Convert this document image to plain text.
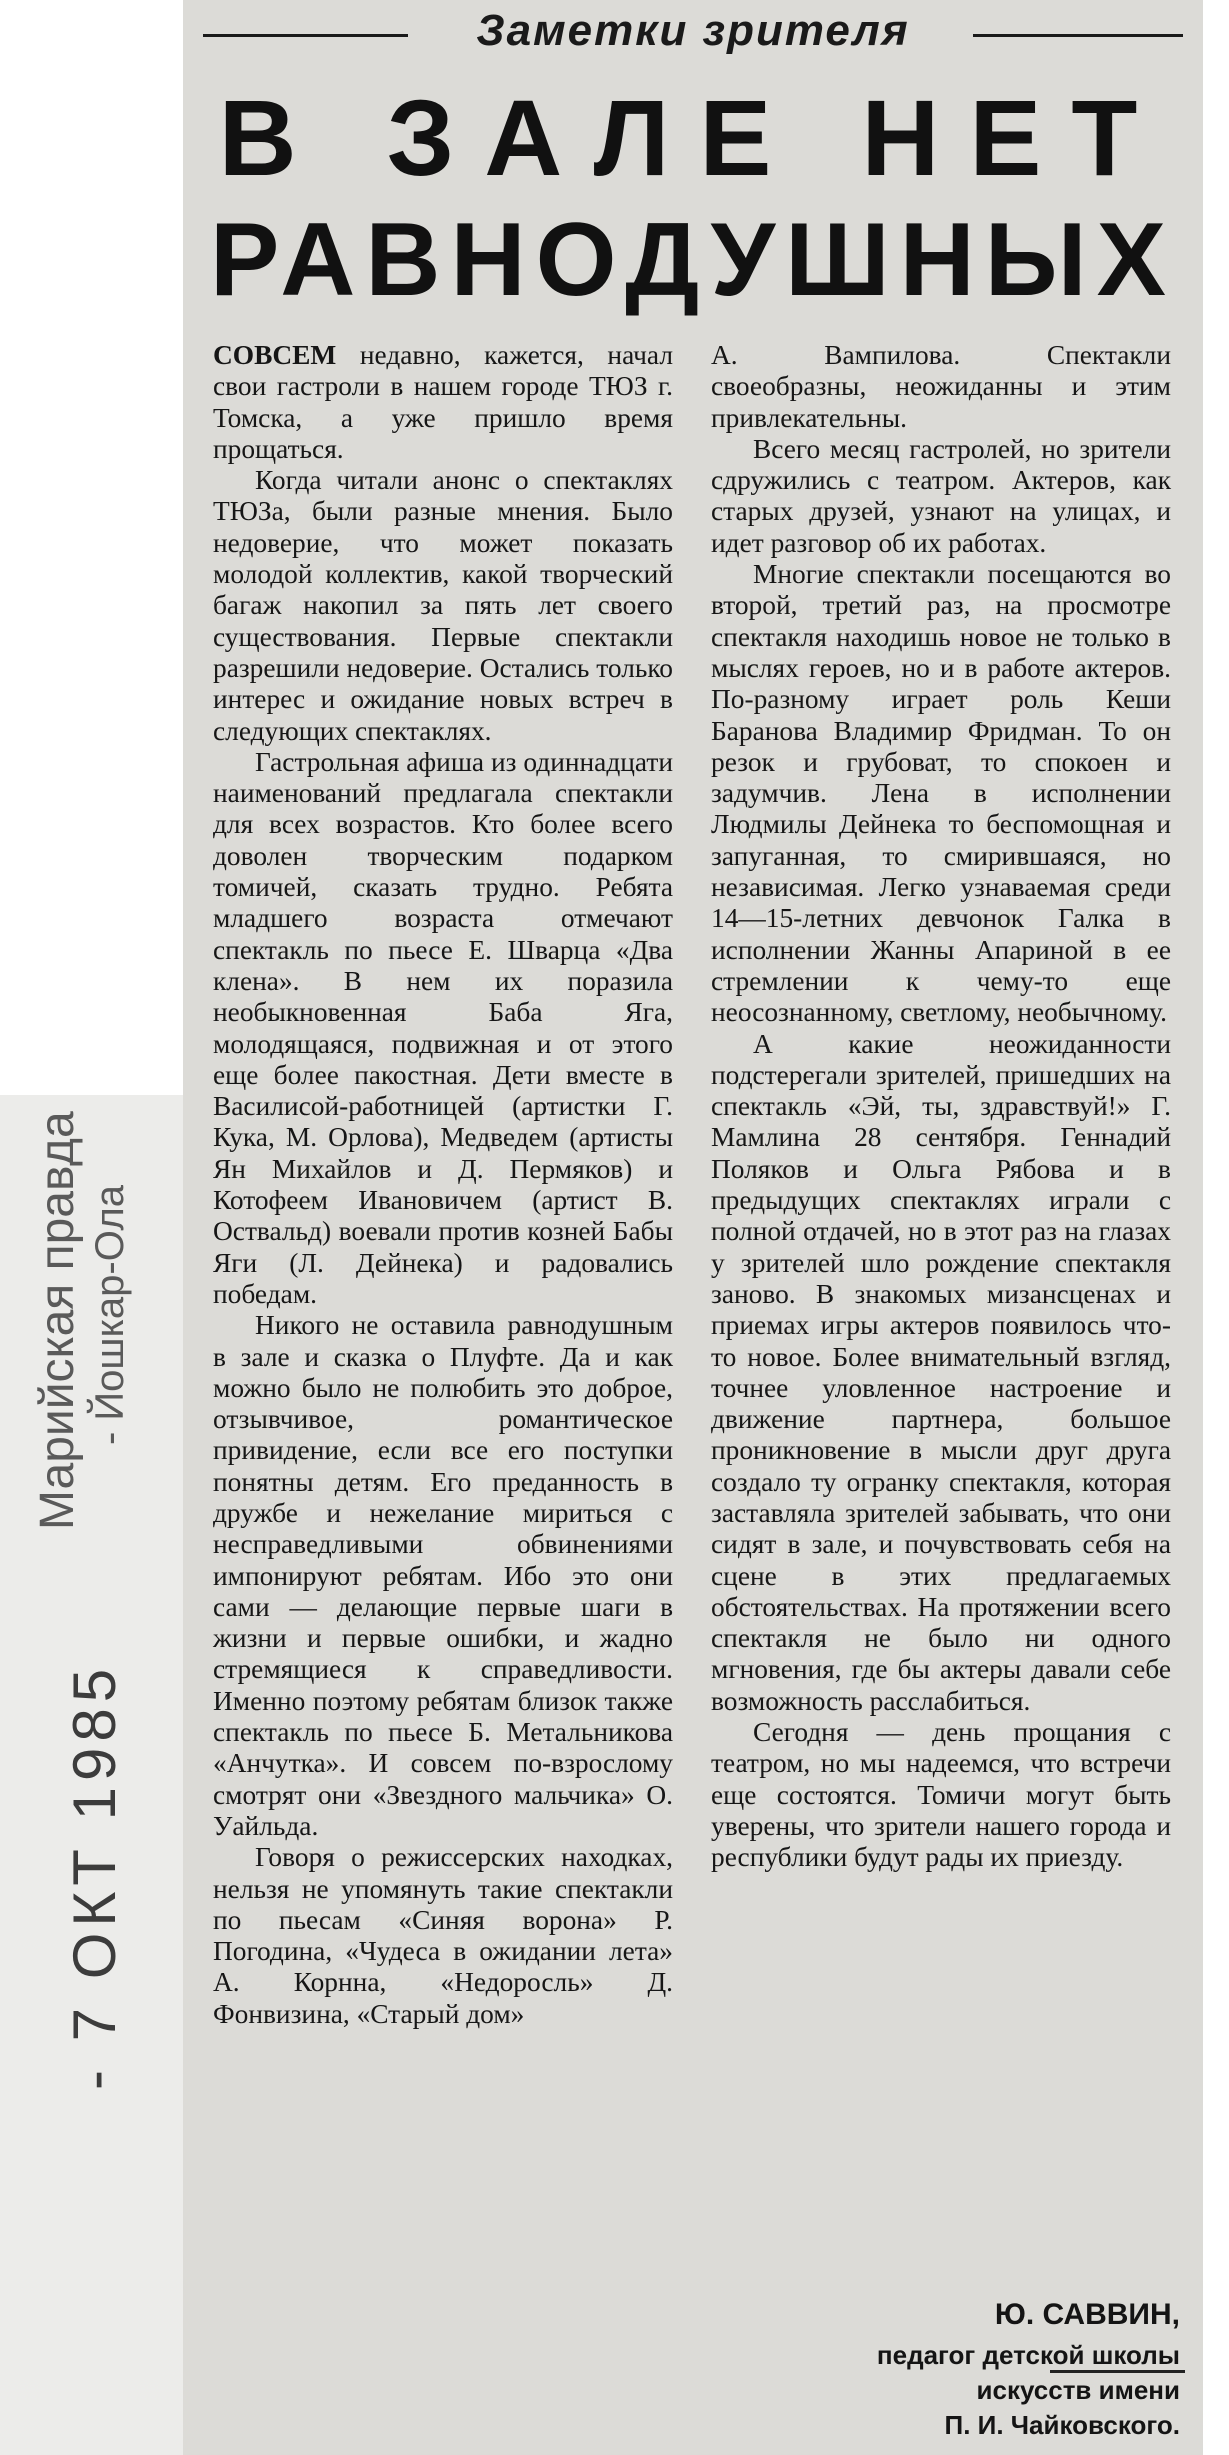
Марийская правда - Йошкар-Ола
- 7 ОКТ 1985
Заметки зрителя
В ЗАЛЕ НЕТ
РАВНОДУШНЫХ

СОВСЕМ недавно, кажется, начал свои гастроли в нашем городе ТЮЗ г. Томска, а уже пришло время прощаться.

Когда читали анонс о спектаклях ТЮЗа, были разные мнения. Было недоверие, что может показать молодой коллектив, какой творческий багаж накопил за пять лет своего существования. Первые спектакли разрешили недоверие. Остались только интерес и ожидание новых встреч в следующих спектаклях.

Гастрольная афиша из одиннадцати наименований предлагала спектакли для всех возрастов. Кто более всего доволен творческим подарком томичей, сказать трудно. Ребята младшего возраста отмечают спектакль по пьесе Е. Шварца «Два клена». В нем их поразила необыкновенная Баба Яга, молодящаяся, подвижная и от этого еще более пакостная. Дети вместе в Василисой-работницей (артистки Г. Кука, М. Орлова), Медведем (артисты Ян Михайлов и Д. Пермяков) и Котофеем Ивановичем (артист В. Оствальд) воевали против козней Бабы Яги (Л. Дейнека) и радовались победам.

Никого не оставила равнодушным в зале и сказка о Плуфте. Да и как можно было не полюбить это доброе, отзывчивое, романтическое привидение, если все его поступки понятны детям. Его преданность в дружбе и нежелание мириться с несправедливыми обвинениями импонируют ребятам. Ибо это они сами — делающие первые шаги в жизни и первые ошибки, и жадно стремящиеся к справедливости. Именно поэтому ребятам близок также спектакль по пьесе Б. Метальникова «Анчутка». И совсем по-взрослому смотрят они «Звездного мальчика» О. Уайльда.

Говоря о режиссерских находках, нельзя не упомянуть такие спектакли по пьесам «Синяя ворона» Р. Погодина, «Чудеса в ожидании лета» А. Корнна, «Недоросль» Д. Фонвизина, «Старый дом»

А. Вампилова. Спектакли своеобразны, неожиданны и этим привлекательны.

Всего месяц гастролей, но зрители сдружились с театром. Актеров, как старых друзей, узнают на улицах, и идет разговор об их работах.

Многие спектакли посещаются во второй, третий раз, на просмотре спектакля находишь новое не только в мыслях героев, но и в работе актеров. По-разному играет роль Кеши Баранова Владимир Фридман. То он резок и грубоват, то спокоен и задумчив. Лена в исполнении Людмилы Дейнека то беспомощная и запуганная, то смирившаяся, но независимая. Легко узнаваемая среди 14—15-летних девчонок Галка в исполнении Жанны Апариной в ее стремлении к чему-то еще неосознанному, светлому, необычному.

А какие неожиданности подстерегали зрителей, пришедших на спектакль «Эй, ты, здравствуй!» Г. Мамлина 28 сентября. Геннадий Поляков и Ольга Рябова и в предыдущих спектаклях играли с полной отдачей, но в этот раз на глазах у зрителей шло рождение спектакля заново. В знакомых мизансценах и приемах игры актеров появилось что-то новое. Более внимательный взгляд, точнее уловленное настроение и движение партнера, большое проникновение в мысли друг друга создало ту огранку спектакля, которая заставляла зрителей забывать, что они сидят в зале, и почувствовать себя на сцене в этих предлагаемых обстоятельствах. На протяжении всего спектакля не было ни одного мгновения, где бы актеры давали себе возможность расслабиться.

Сегодня — день прощания с театром, но мы надеемся, что встречи еще состоятся. Томичи могут быть уверены, что зрители нашего города и республики будут рады их приезду.

Ю. САВВИН,
педагог детской школы
искусств имени
П. И. Чайковского.
